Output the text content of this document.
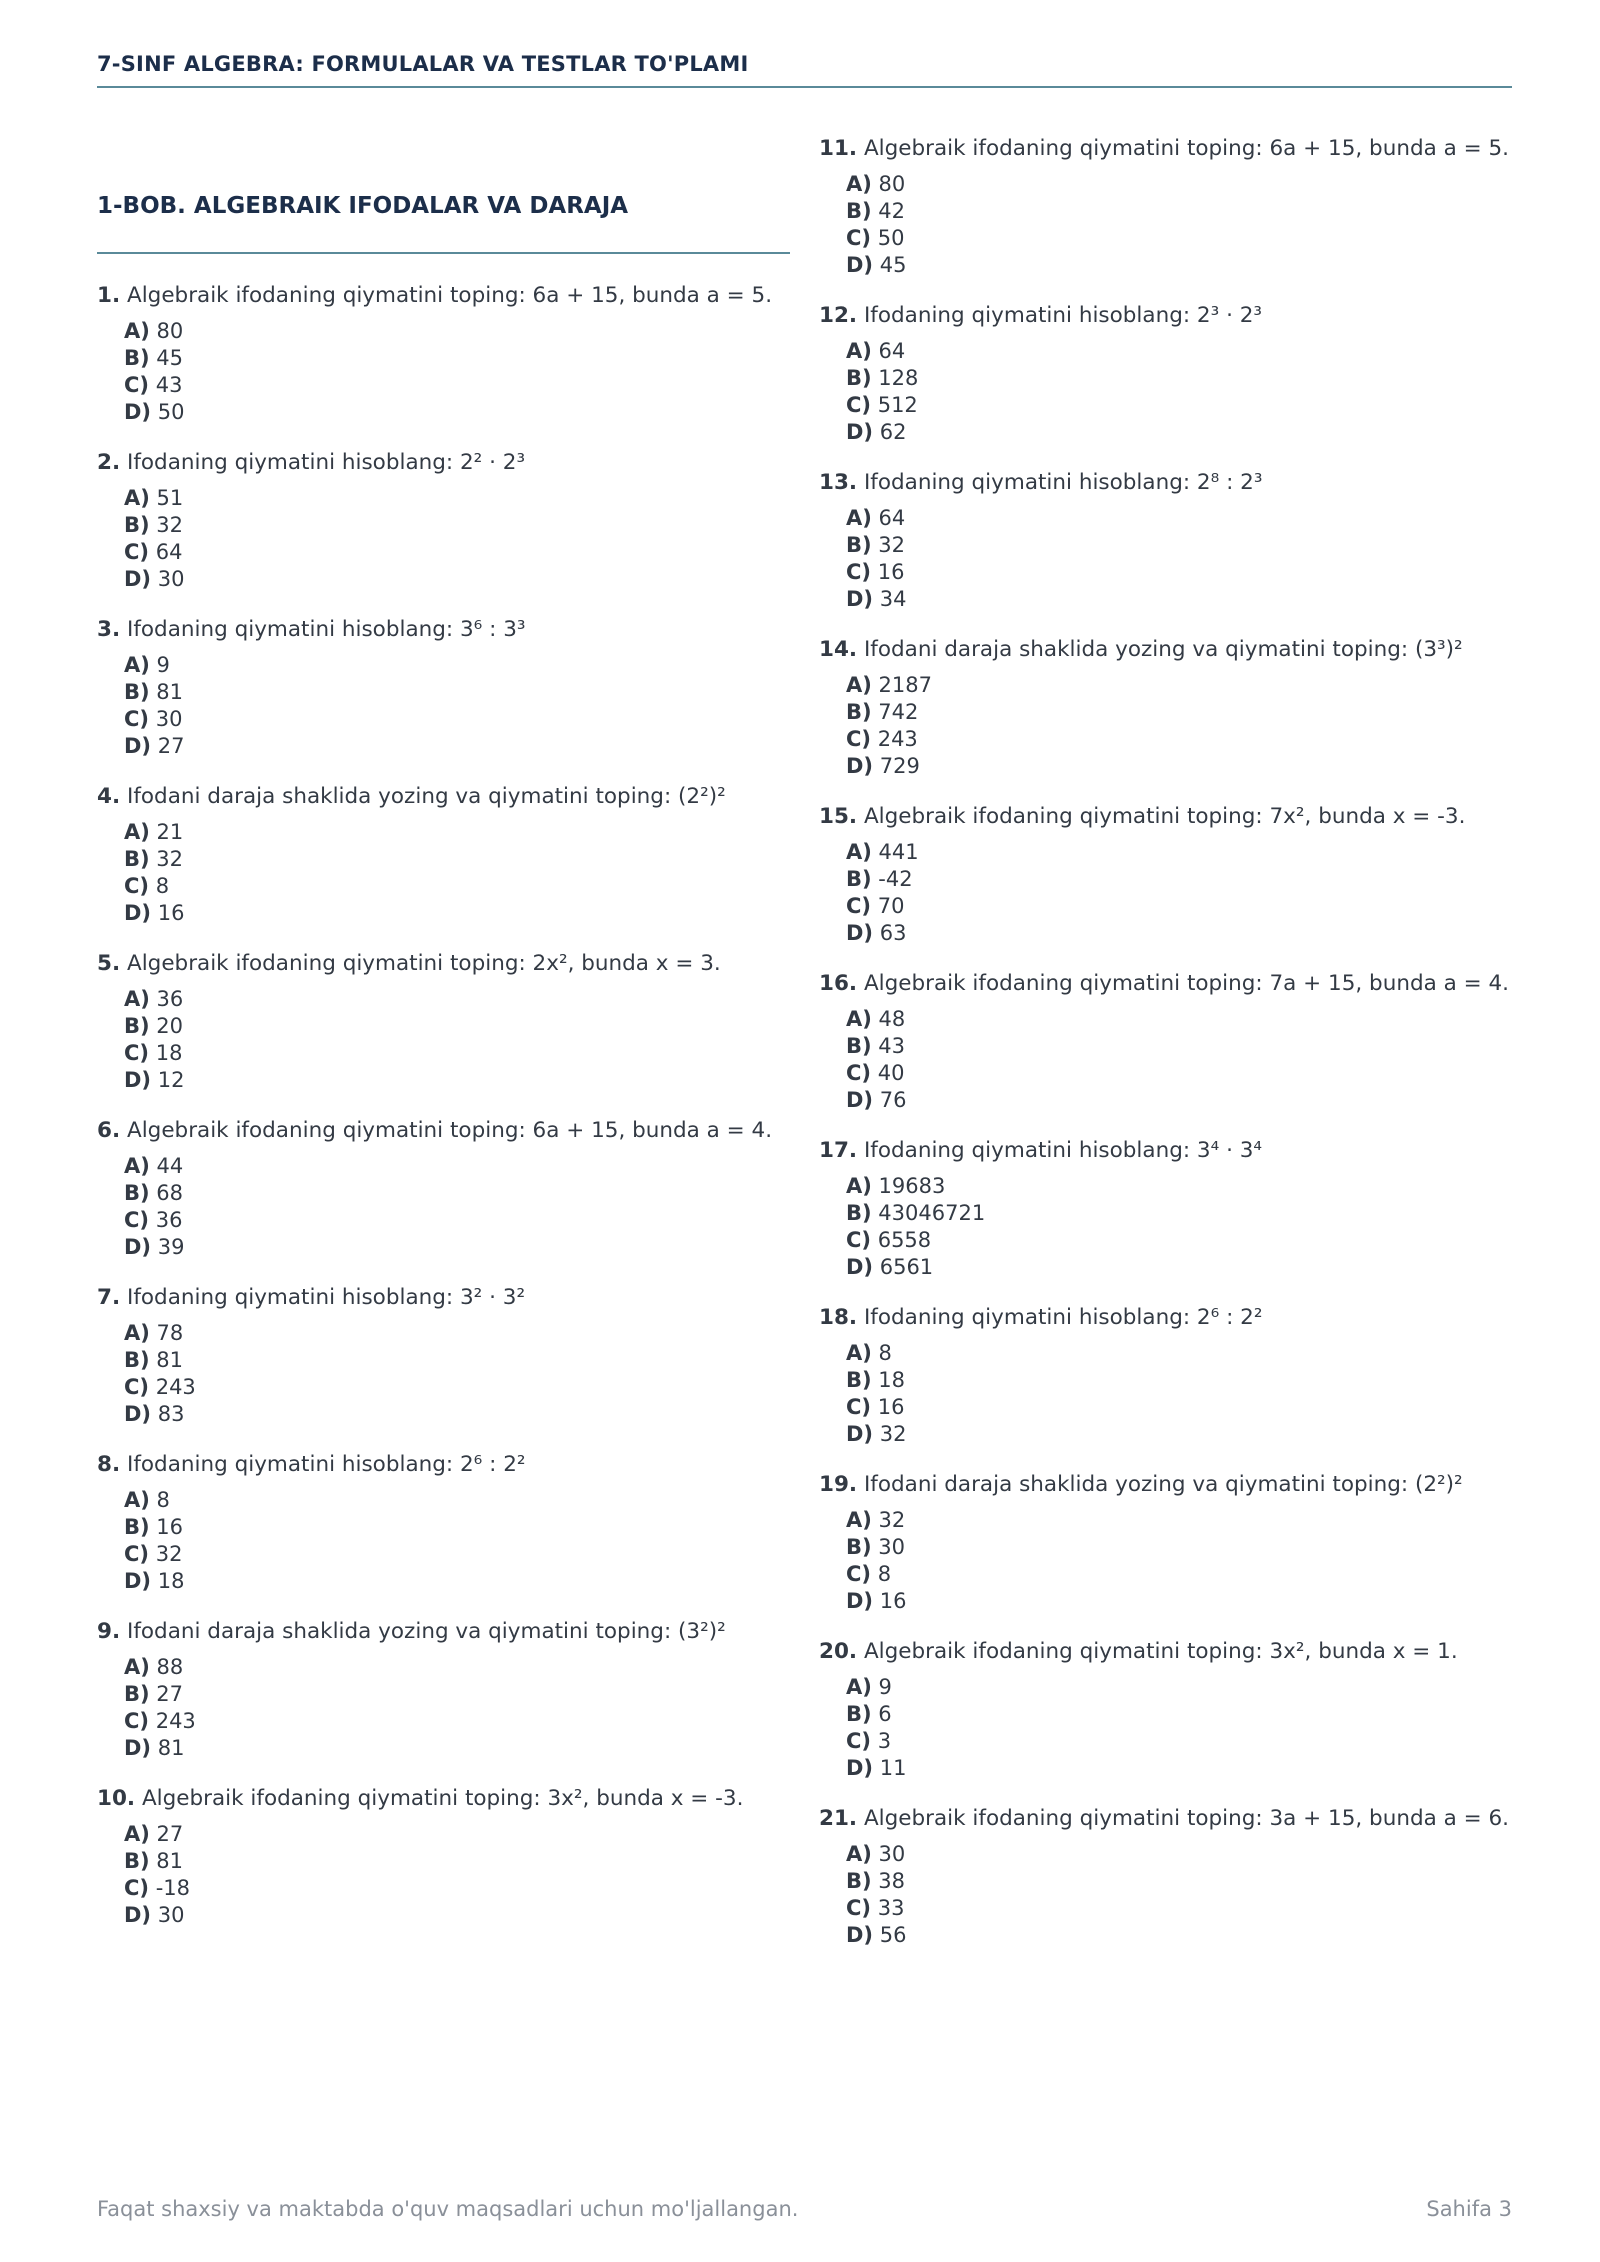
7-SINF ALGEBRA: FORMULALAR VA TESTLAR TO'PLAMI
1-BOB. ALGEBRAIK IFODALAR VA DARAJA
1. Algebraik ifodaning qiymatini toping: 6a + 15, bunda a = 5.
A) 80
B) 45
C) 43
D) 50
2. Ifodaning qiymatini hisoblang: 2² · 2³
A) 51
B) 32
C) 64
D) 30
3. Ifodaning qiymatini hisoblang: 3⁶ : 3³
A) 9
B) 81
C) 30
D) 27
4. Ifodani daraja shaklida yozing va qiymatini toping: (2²)²
A) 21
B) 32
C) 8
D) 16
5. Algebraik ifodaning qiymatini toping: 2x², bunda x = 3.
A) 36
B) 20
C) 18
D) 12
6. Algebraik ifodaning qiymatini toping: 6a + 15, bunda a = 4.
A) 44
B) 68
C) 36
D) 39
7. Ifodaning qiymatini hisoblang: 3² · 3²
A) 78
B) 81
C) 243
D) 83
8. Ifodaning qiymatini hisoblang: 2⁶ : 2²
A) 8
B) 16
C) 32
D) 18
9. Ifodani daraja shaklida yozing va qiymatini toping: (3²)²
A) 88
B) 27
C) 243
D) 81
10. Algebraik ifodaning qiymatini toping: 3x², bunda x = -3.
A) 27
B) 81
C) -18
D) 30
11. Algebraik ifodaning qiymatini toping: 6a + 15, bunda a = 5.
A) 80
B) 42
C) 50
D) 45
12. Ifodaning qiymatini hisoblang: 2³ · 2³
A) 64
B) 128
C) 512
D) 62
13. Ifodaning qiymatini hisoblang: 2⁸ : 2³
A) 64
B) 32
C) 16
D) 34
14. Ifodani daraja shaklida yozing va qiymatini toping: (3³)²
A) 2187
B) 742
C) 243
D) 729
15. Algebraik ifodaning qiymatini toping: 7x², bunda x = -3.
A) 441
B) -42
C) 70
D) 63
16. Algebraik ifodaning qiymatini toping: 7a + 15, bunda a = 4.
A) 48
B) 43
C) 40
D) 76
17. Ifodaning qiymatini hisoblang: 3⁴ · 3⁴
A) 19683
B) 43046721
C) 6558
D) 6561
18. Ifodaning qiymatini hisoblang: 2⁶ : 2²
A) 8
B) 18
C) 16
D) 32
19. Ifodani daraja shaklida yozing va qiymatini toping: (2²)²
A) 32
B) 30
C) 8
D) 16
20. Algebraik ifodaning qiymatini toping: 3x², bunda x = 1.
A) 9
B) 6
C) 3
D) 11
21. Algebraik ifodaning qiymatini toping: 3a + 15, bunda a = 6.
A) 30
B) 38
C) 33
D) 56
Faqat shaxsiy va maktabda o'quv maqsadlari uchun mo'ljallangan.	Sahifa 3
